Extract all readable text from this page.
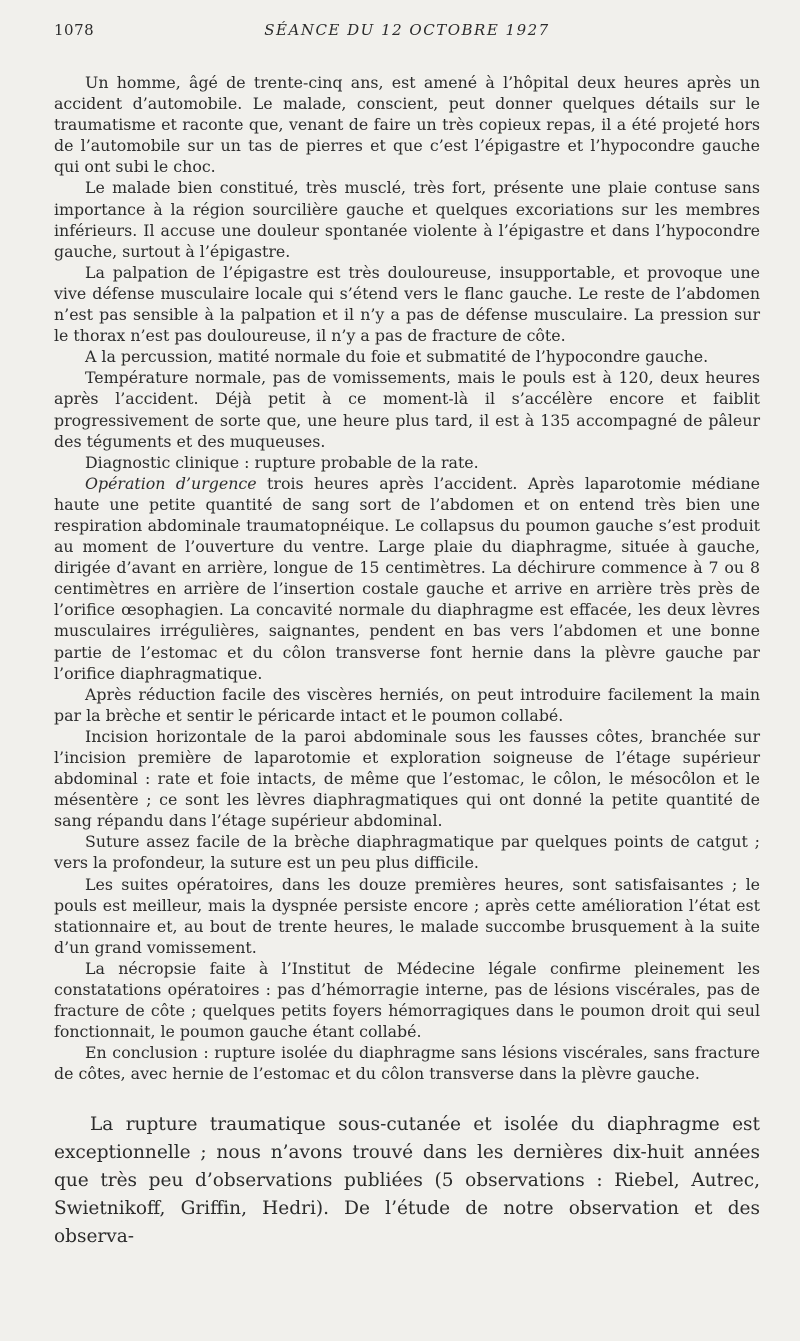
1078	SÉANCE DU 12 OCTOBRE 1927

Un homme, âgé de trente-cinq ans, est amené à l’hôpital deux heures après un accident d’automobile. Le malade, conscient, peut donner quelques détails sur le traumatisme et raconte que, venant de faire un très copieux repas, il a été projeté hors de l’automobile sur un tas de pierres et que c’est l’épigastre et l’hypocondre gauche qui ont subi le choc.

Le malade bien constitué, très musclé, très fort, présente une plaie contuse sans importance à la région sourcilière gauche et quelques excoriations sur les membres inférieurs. Il accuse une douleur spontanée violente à l’épigastre et dans l’hypocondre gauche, surtout à l’épigastre.

La palpation de l’épigastre est très douloureuse, insupportable, et provoque une vive défense musculaire locale qui s’étend vers le flanc gauche. Le reste de l’abdomen n’est pas sensible à la palpation et il n’y a pas de défense musculaire. La pression sur le thorax n’est pas douloureuse, il n’y a pas de fracture de côte.

A la percussion, matité normale du foie et submatité de l’hypocondre gauche.

Température normale, pas de vomissements, mais le pouls est à 120, deux heures après l’accident. Déjà petit à ce moment-là il s’accélère encore et faiblit progressivement de sorte que, une heure plus tard, il est à 135 accompagné de pâleur des téguments et des muqueuses.

Diagnostic clinique : rupture probable de la rate.

Opération d’urgence trois heures après l’accident. Après laparotomie médiane haute une petite quantité de sang sort de l’abdomen et on entend très bien une respiration abdominale traumatopnéique. Le collapsus du poumon gauche s’est produit au moment de l’ouverture du ventre. Large plaie du diaphragme, située à gauche, dirigée d’avant en arrière, longue de 15 centimètres. La déchirure commence à 7 ou 8 centimètres en arrière de l’insertion costale gauche et arrive en arrière très près de l’orifice œsophagien. La concavité normale du diaphragme est effacée, les deux lèvres musculaires irrégulières, saignantes, pendent en bas vers l’abdomen et une bonne partie de l’estomac et du côlon transverse font hernie dans la plèvre gauche par l’orifice diaphragmatique.

Après réduction facile des viscères herniés, on peut introduire facilement la main par la brèche et sentir le péricarde intact et le poumon collabé.

Incision horizontale de la paroi abdominale sous les fausses côtes, branchée sur l’incision première de laparotomie et exploration soigneuse de l’étage supérieur abdominal : rate et foie intacts, de même que l’estomac, le côlon, le mésocôlon et le mésentère ; ce sont les lèvres diaphragmatiques qui ont donné la petite quantité de sang répandu dans l’étage supérieur abdominal.

Suture assez facile de la brèche diaphragmatique par quelques points de catgut ; vers la profondeur, la suture est un peu plus difficile.

Les suites opératoires, dans les douze premières heures, sont satisfaisantes ; le pouls est meilleur, mais la dyspnée persiste encore ; après cette amélioration l’état est stationnaire et, au bout de trente heures, le malade succombe brusquement à la suite d’un grand vomissement.

La nécropsie faite à l’Institut de Médecine légale confirme pleinement les constatations opératoires : pas d’hémorragie interne, pas de lésions viscérales, pas de fracture de côte ; quelques petits foyers hémorragiques dans le poumon droit qui seul fonctionnait, le poumon gauche étant collabé.

En conclusion : rupture isolée du diaphragme sans lésions viscérales, sans fracture de côtes, avec hernie de l’estomac et du côlon transverse dans la plèvre gauche.

La rupture traumatique sous-cutanée et isolée du diaphragme est exceptionnelle ; nous n’avons trouvé dans les dernières dix-huit années que très peu d’observations publiées (5 observations : Riebel, Autrec, Swietnikoff, Griffin, Hedri). De l’étude de notre observation et des observa-
